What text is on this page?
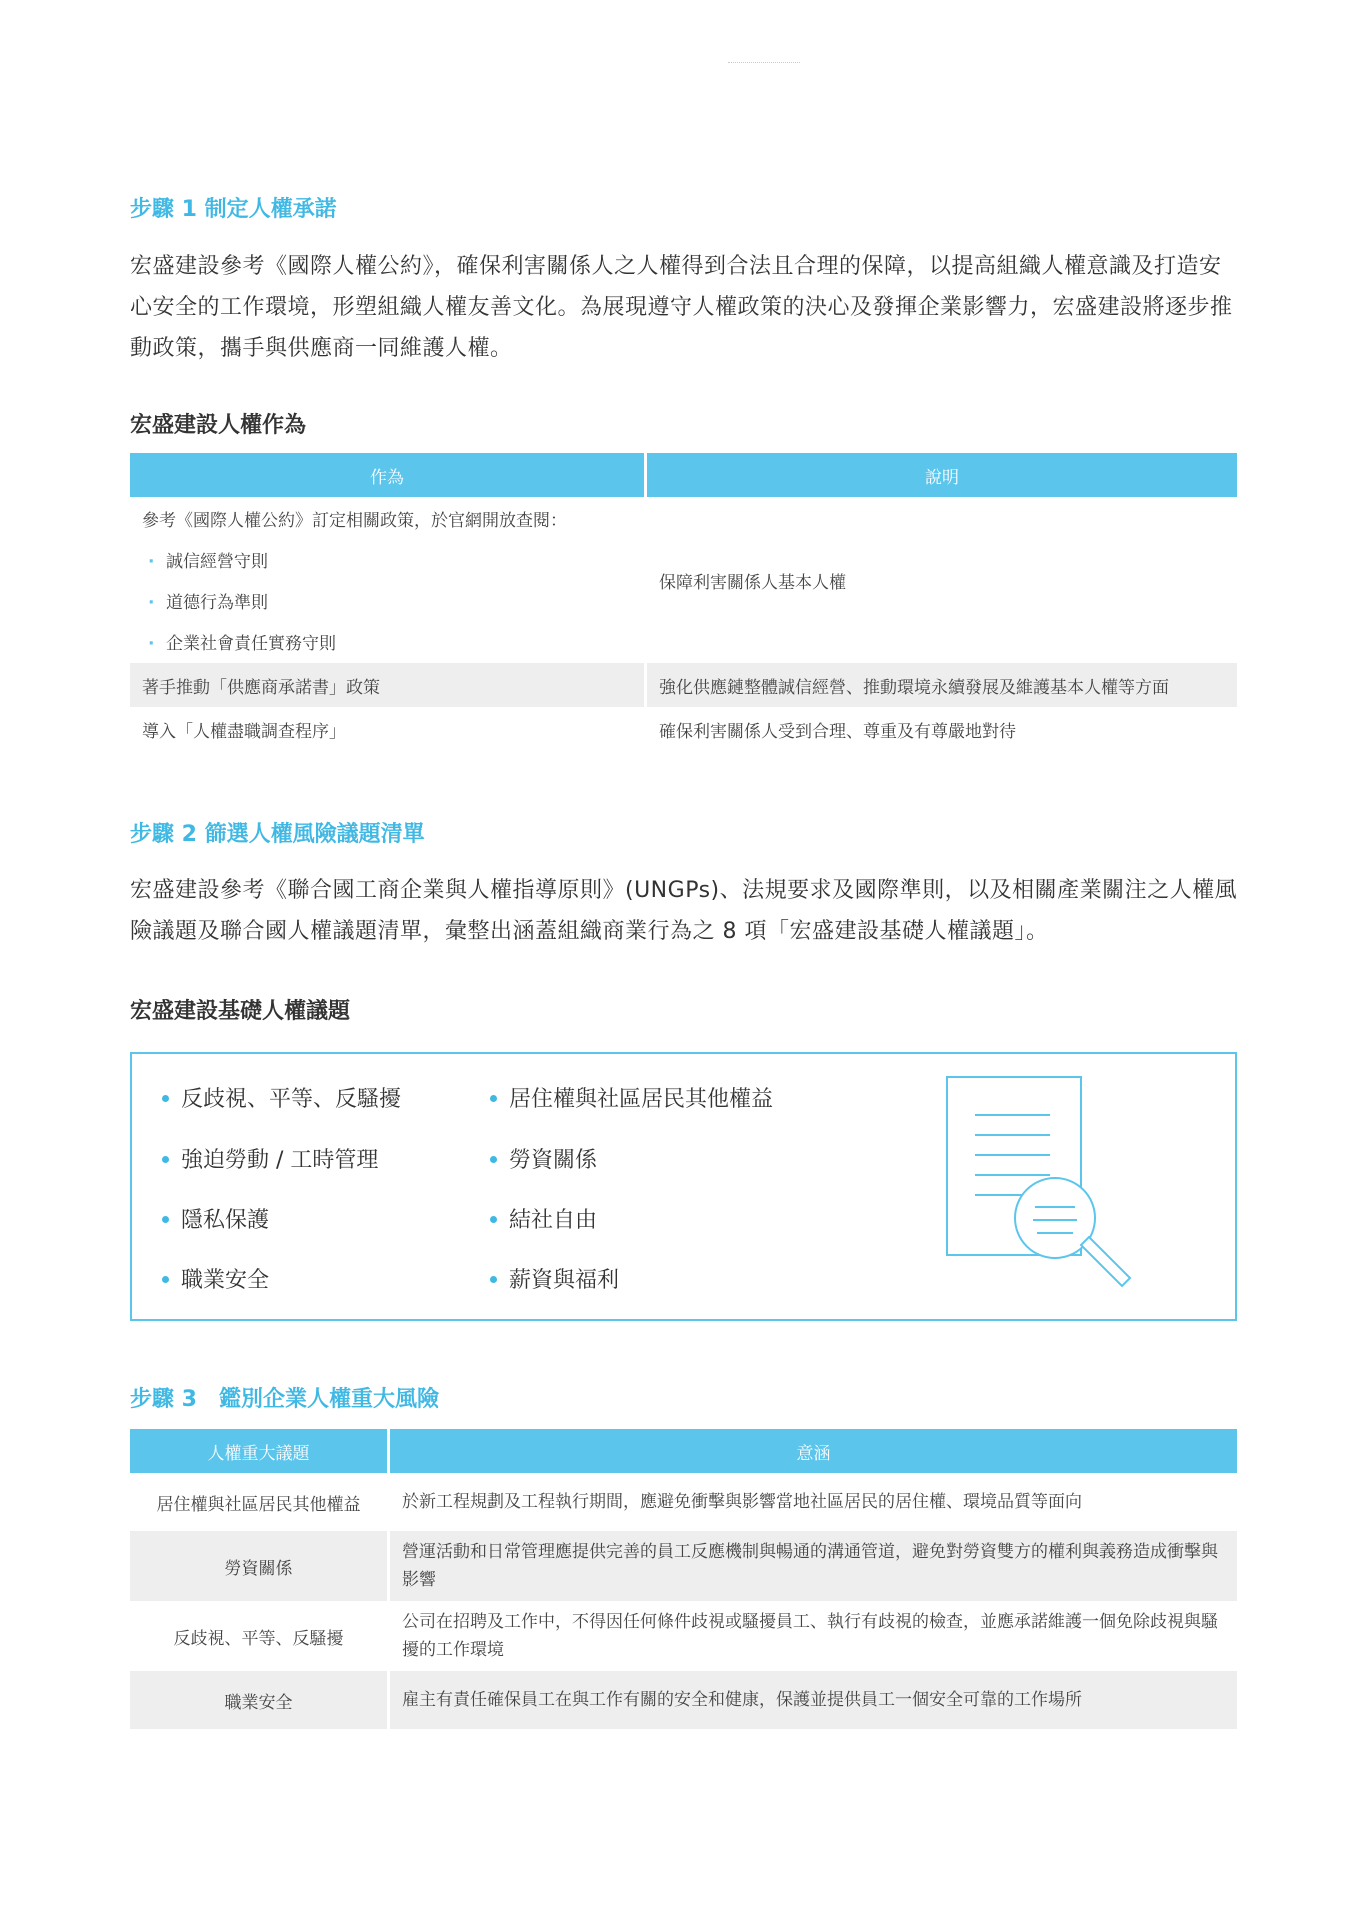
步驟 1 制定人權承諾

宏盛建設參考《國際人權公約》，確保利害關係人之人權得到合法且合理的保障，以提高組織人權意識及打造安心安全的工作環境，形塑組織人權友善文化。為展現遵守人權政策的決心及發揮企業影響力，宏盛建設將逐步推動政策，攜手與供應商一同維護人權。

宏盛建設人權作為
作為	說明

參考《國際人權公約》訂定相關政策，於官網開放查閱：

· 誠信經營守則

· 道德行為準則

· 企業社會責任實務守則	保障利害關係人基本人權
著手推動「供應商承諾書」政策	強化供應鏈整體誠信經營、推動環境永續發展及維護基本人權等方面
導入「人權盡職調查程序」	確保利害關係人受到合理、尊重及有尊嚴地對待
步驟 2 篩選人權風險議題清單

宏盛建設參考《聯合國工商企業與人權指導原則》(UNGPs)、法規要求及國際準則，以及相關產業關注之人權風險議題及聯合國人權議題清單，彙整出涵蓋組織商業行為之 8 項「宏盛建設基礎人權議題」。

宏盛建設基礎人權議題
反歧視、平等、反騷擾
強迫勞動 / 工時管理
隱私保護
職業安全
居住權與社區居民其他權益
勞資關係
結社自由
薪資與福利
步驟 3　鑑別企業人權重大風險
人權重大議題	意涵
居住權與社區居民其他權益	於新工程規劃及工程執行期間，應避免衝擊與影響當地社區居民的居住權、環境品質等面向
勞資關係	營運活動和日常管理應提供完善的員工反應機制與暢通的溝通管道，避免對勞資雙方的權利與義務造成衝擊與影響
反歧視、平等、反騷擾	公司在招聘及工作中，不得因任何條件歧視或騷擾員工、執行有歧視的檢查，並應承諾維護一個免除歧視與騷擾的工作環境
職業安全	雇主有責任確保員工在與工作有關的安全和健康，保護並提供員工一個安全可靠的工作場所
